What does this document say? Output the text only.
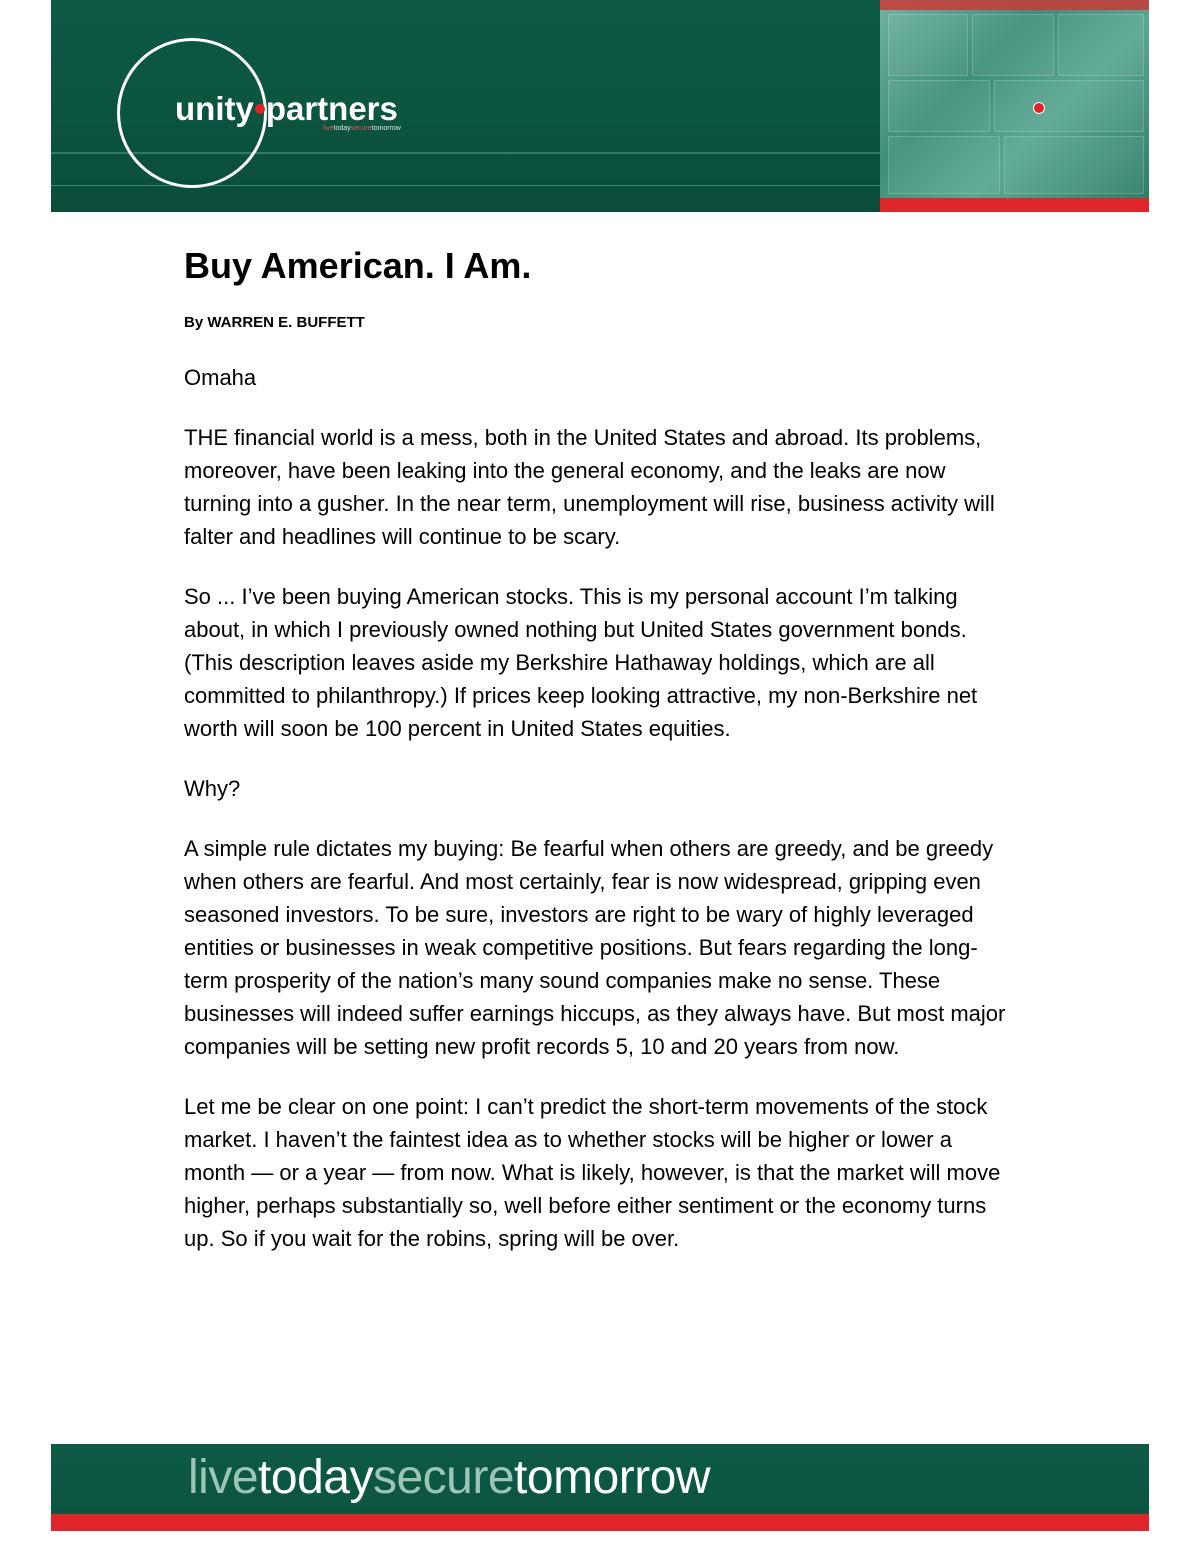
unity partners
livetodaysecuretomorrow
Buy American. I Am.
By WARREN E. BUFFETT

Omaha

THE financial world is a mess, both in the United States and abroad. Its problems, moreover, have been leaking into the general economy, and the leaks are now turning into a gusher. In the near term, unemployment will rise, business activity will falter and headlines will continue to be scary.

So ... I’ve been buying American stocks. This is my personal account I’m talking about, in which I previously owned nothing but United States government bonds. (This description leaves aside my Berkshire Hathaway holdings, which are all committed to philanthropy.) If prices keep looking attractive, my non-Berkshire net worth will soon be 100 percent in United States equities.

Why?

A simple rule dictates my buying: Be fearful when others are greedy, and be greedy when others are fearful. And most certainly, fear is now widespread, gripping even seasoned investors. To be sure, investors are right to be wary of highly leveraged entities or businesses in weak competitive positions. But fears regarding the long-term prosperity of the nation’s many sound companies make no sense. These businesses will indeed suffer earnings hiccups, as they always have. But most major companies will be setting new profit records 5, 10 and 20 years from now.

Let me be clear on one point: I can’t predict the short-term movements of the stock market. I haven’t the faintest idea as to whether stocks will be higher or lower a month — or a year — from now. What is likely, however, is that the market will move higher, perhaps substantially so, well before either sentiment or the economy turns up. So if you wait for the robins, spring will be over.

livetodaysecuretomorrow
